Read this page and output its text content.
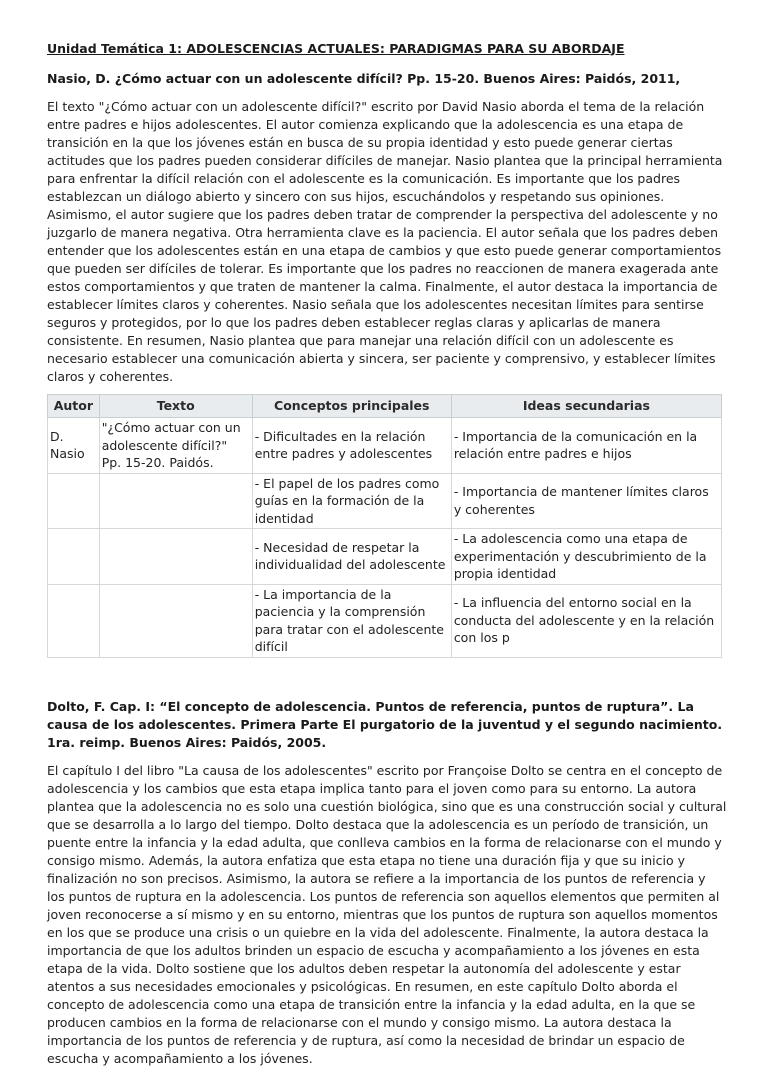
Unidad Temática 1: ADOLESCENCIAS ACTUALES: PARADIGMAS PARA SU ABORDAJE
Nasio, D. ¿Cómo actuar con un adolescente difícil? Pp. 15-20. Buenos Aires: Paidós, 2011,

El texto "¿Cómo actuar con un adolescente difícil?" escrito por David Nasio aborda el tema de la relación entre padres e hijos adolescentes. El autor comienza explicando que la adolescencia es una etapa de transición en la que los jóvenes están en busca de su propia identidad y esto puede generar ciertas actitudes que los padres pueden considerar difíciles de manejar. Nasio plantea que la principal herramienta para enfrentar la difícil relación con el adolescente es la comunicación. Es importante que los padres establezcan un diálogo abierto y sincero con sus hijos, escuchándolos y respetando sus opiniones. Asimismo, el autor sugiere que los padres deben tratar de comprender la perspectiva del adolescente y no juzgarlo de manera negativa. Otra herramienta clave es la paciencia. El autor señala que los padres deben entender que los adolescentes están en una etapa de cambios y que esto puede generar comportamientos que pueden ser difíciles de tolerar. Es importante que los padres no reaccionen de manera exagerada ante estos comportamientos y que traten de mantener la calma. Finalmente, el autor destaca la importancia de establecer límites claros y coherentes. Nasio señala que los adolescentes necesitan límites para sentirse seguros y protegidos, por lo que los padres deben establecer reglas claras y aplicarlas de manera consistente. En resumen, Nasio plantea que para manejar una relación difícil con un adolescente es necesario establecer una comunicación abierta y sincera, ser paciente y comprensivo, y establecer límites claros y coherentes.

Autor	Texto	Conceptos principales	Ideas secundarias
D. Nasio	"¿Cómo actuar con un adolescente difícil?" Pp. 15-20. Paidós.	- Dificultades en la relación entre padres y adolescentes	- Importancia de la comunicación en la relación entre padres e hijos
		- El papel de los padres como guías en la formación de la identidad	- Importancia de mantener límites claros y coherentes
		- Necesidad de respetar la individualidad del adolescente	- La adolescencia como una etapa de experimentación y descubrimiento de la propia identidad
		- La importancia de la paciencia y la comprensión para tratar con el adolescente difícil	- La influencia del entorno social en la conducta del adolescente y en la relación con los p
Dolto, F. Cap. I: “El concepto de adolescencia. Puntos de referencia, puntos de ruptura”. La causa de los adolescentes. Primera Parte El purgatorio de la juventud y el segundo nacimiento. 1ra. reimp. Buenos Aires: Paidós, 2005.

El capítulo I del libro "La causa de los adolescentes" escrito por Françoise Dolto se centra en el concepto de adolescencia y los cambios que esta etapa implica tanto para el joven como para su entorno. La autora plantea que la adolescencia no es solo una cuestión biológica, sino que es una construcción social y cultural que se desarrolla a lo largo del tiempo. Dolto destaca que la adolescencia es un período de transición, un puente entre la infancia y la edad adulta, que conlleva cambios en la forma de relacionarse con el mundo y consigo mismo. Además, la autora enfatiza que esta etapa no tiene una duración fija y que su inicio y finalización no son precisos. Asimismo, la autora se refiere a la importancia de los puntos de referencia y los puntos de ruptura en la adolescencia. Los puntos de referencia son aquellos elementos que permiten al joven reconocerse a sí mismo y en su entorno, mientras que los puntos de ruptura son aquellos momentos en los que se produce una crisis o un quiebre en la vida del adolescente. Finalmente, la autora destaca la importancia de que los adultos brinden un espacio de escucha y acompañamiento a los jóvenes en esta etapa de la vida. Dolto sostiene que los adultos deben respetar la autonomía del adolescente y estar atentos a sus necesidades emocionales y psicológicas. En resumen, en este capítulo Dolto aborda el concepto de adolescencia como una etapa de transición entre la infancia y la edad adulta, en la que se producen cambios en la forma de relacionarse con el mundo y consigo mismo. La autora destaca la importancia de los puntos de referencia y de ruptura, así como la necesidad de brindar un espacio de escucha y acompañamiento a los jóvenes.
